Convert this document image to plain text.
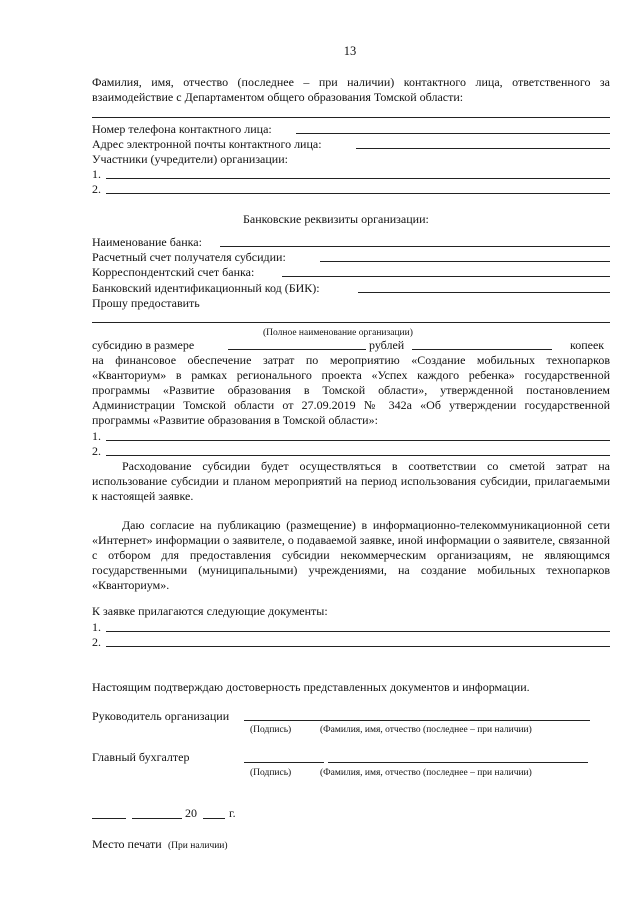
13
Фамилия, имя, отчество (последнее – при наличии) контактного лица, ответственного за взаимодействие с Департаментом общего образования Томской области:
Номер телефона контактного лица:
Адрес электронной почты контактного лица:
Участники (учредители) организации:
1.
2.
Банковские реквизиты организации:
Наименование банка:
Расчетный счет получателя субсидии:
Корреспондентский счет банка:
Банковский идентификационный код (БИК):
Прошу предоставить
(Полное наименование организации)
субсидию в размере	рублей	копеек
на финансовое обеспечение затрат по мероприятию «Создание мобильных технопарков «Кванториум» в рамках регионального проекта «Успех каждого ребенка» государственной программы «Развитие образования в Томской области», утвержденной постановлением Администрации Томской области от 27.09.2019 № 342а «Об утверждении государственной программы «Развитие образования в Томской области»:
1.
2.
Расходование субсидии будет осуществляться в соответствии со сметой затрат на использование субсидии и планом мероприятий на период использования субсидии, прилагаемыми к настоящей заявке.
Даю согласие на публикацию (размещение) в информационно-телекоммуникационной сети «Интернет» информации о заявителе, о подаваемой заявке, иной информации о заявителе, связанной с отбором для предоставления субсидии некоммерческим организациям, не являющимся государственными (муниципальными) учреждениями, на создание мобильных технопарков «Кванториум».
К заявке прилагаются следующие документы:
1.
2.
Настоящим подтверждаю достоверность представленных документов и информации.
Руководитель организации
(Подпись)	(Фамилия, имя, отчество (последнее – при наличии)
Главный бухгалтер
(Подпись)	(Фамилия, имя, отчество (последнее – при наличии)
20	г.
Место печати (При наличии)
